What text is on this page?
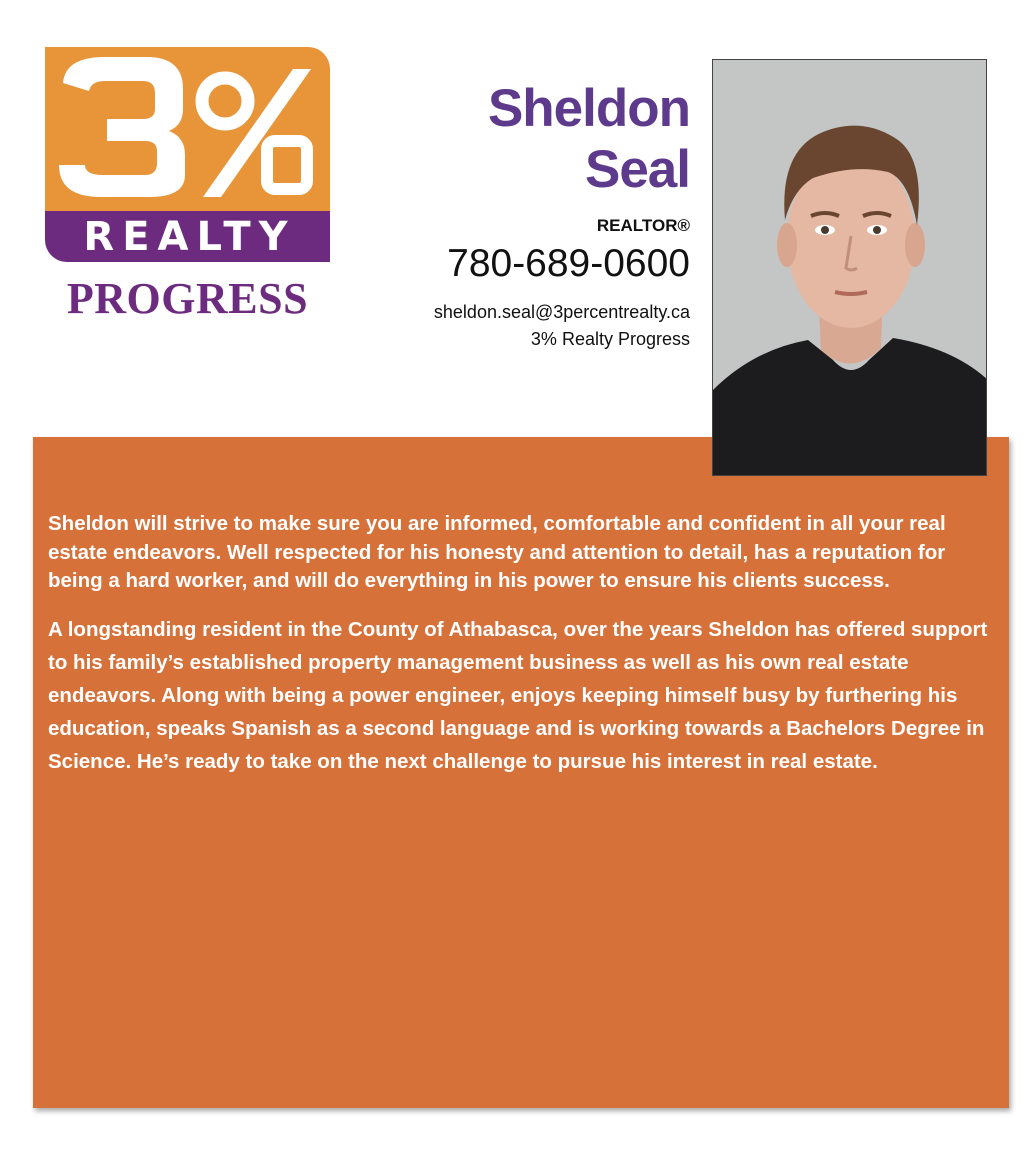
REALTY
PROGRESS
Sheldon
Seal
REALTOR®
780-689-0600
sheldon.seal@3percentrealty.ca
3% Realty Progress

Sheldon will strive to make sure you are informed, comfortable and confident in all your real estate endeavors. Well respected for his honesty and attention to detail, has a reputation for being a hard worker, and will do everything in his power to ensure his clients success.

A longstanding resident in the County of Athabasca, over the years Sheldon has offered support to his family’s established property management business as well as his own real estate endeavors. Along with being a power engineer, enjoys keeping himself busy by furthering his education, speaks Spanish as a second language and is working towards a Bachelors Degree in Science. He’s ready to take on the next challenge to pursue his interest in real estate.
